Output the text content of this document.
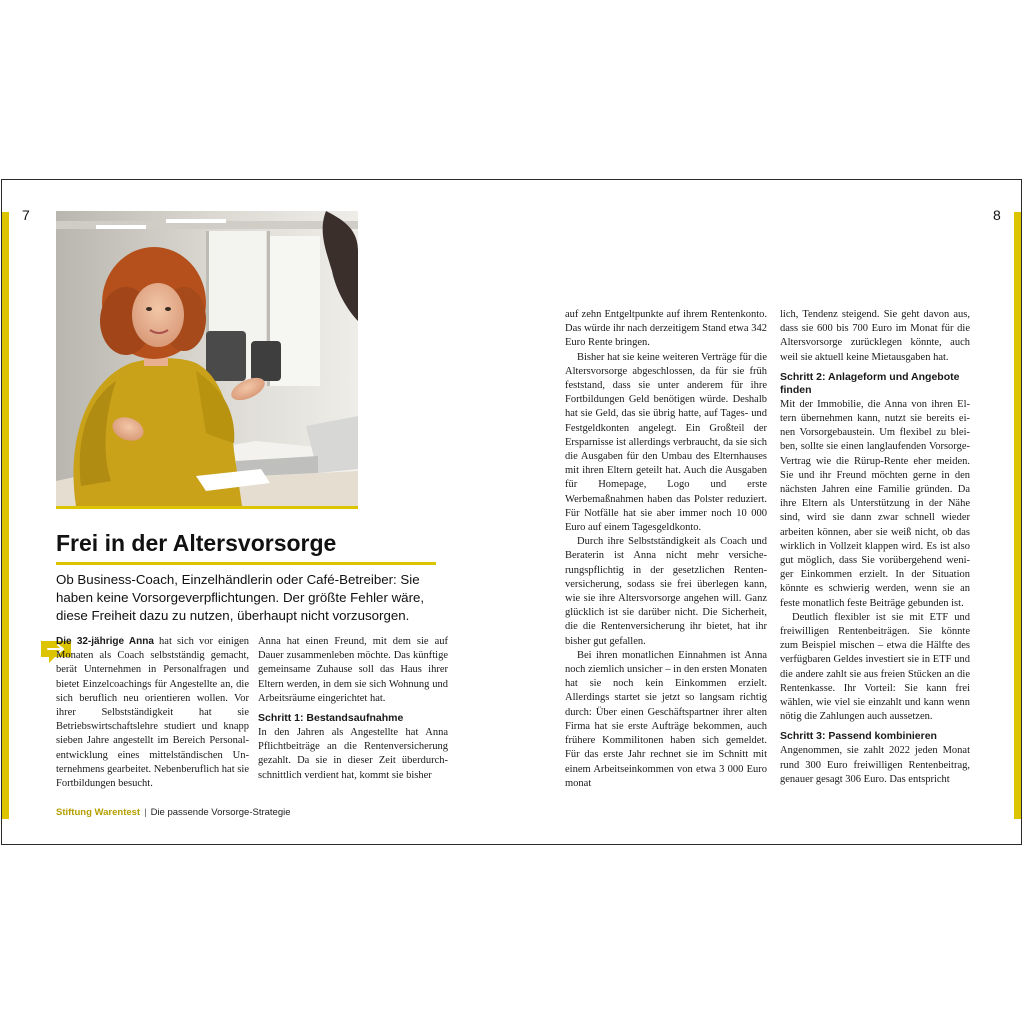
7	8
Frei in der Altersvorsorge

Ob Business-Coach, Einzelhändlerin oder Café-Betreiber: Sie haben keine Vorsorgeverpflichtungen. Der größte Fehler wäre, diese Freiheit dazu zu nutzen, überhaupt nicht vorzusorgen.

Die 32-jährige Anna hat sich vor einigen Monaten als Coach selbstständig gemacht, berät Unternehmen in Personalfragen und bietet Einzelcoachings für Angestellte an, die sich beruflich neu orientieren wollen. Vor ihrer Selbstständigkeit hat sie Betriebswirtschaftslehre studiert und knapp sieben Jahre angestellt im Bereich Personalentwicklung eines mittelständischen Unternehmens gearbeitet. Nebenberuflich hat sie Fortbildungen besucht.

Anna hat einen Freund, mit dem sie auf Dauer zusammenleben möchte. Das künftige gemeinsame Zuhause soll das Haus ihrer Eltern werden, in dem sie sich Wohnung und Arbeitsräume eingerichtet hat.

Schritt 1: Bestandsaufnahme

In den Jahren als Angestellte hat Anna Pflichtbeiträge an die Rentenversicherung gezahlt. Da sie in dieser Zeit überdurchschnittlich verdient hat, kommt sie bisher

auf zehn Entgeltpunkte auf ihrem Rentenkonto. Das würde ihr nach derzeitigem Stand etwa 342 Euro Rente bringen.

Bisher hat sie keine weiteren Verträge für die Altersvorsorge abgeschlossen, da für sie früh feststand, dass sie unter anderem für ihre Fortbildungen Geld benötigen würde. Deshalb hat sie Geld, das sie übrig hatte, auf Tages- und Festgeldkonten angelegt. Ein Großteil der Ersparnisse ist allerdings verbraucht, da sie sich die Ausgaben für den Umbau des Elternhauses mit ihren Eltern geteilt hat. Auch die Ausgaben für Homepage, Logo und erste Werbemaßnahmen haben das Polster reduziert. Für Notfälle hat sie aber immer noch 10 000 Euro auf einem Tagesgeldkonto.

Durch ihre Selbstständigkeit als Coach und Beraterin ist Anna nicht mehr versicherungspflichtig in der gesetzlichen Rentenversicherung, sodass sie frei überlegen kann, wie sie ihre Altersvorsorge angehen will. Ganz glücklich ist sie darüber nicht. Die Sicherheit, die die Rentenversicherung ihr bietet, hat ihr bisher gut gefallen.

Bei ihren monatlichen Einnahmen ist Anna noch ziemlich unsicher – in den ersten Monaten hat sie noch kein Einkommen erzielt. Allerdings startet sie jetzt so langsam richtig durch: Über einen Geschäftspartner ihrer alten Firma hat sie erste Aufträge bekommen, auch frühere Kommilitonen haben sich gemeldet. Für das erste Jahr rechnet sie im Schnitt mit einem Arbeitseinkommen von etwa 3 000 Euro monat

lich, Tendenz steigend. Sie geht davon aus, dass sie 600 bis 700 Euro im Monat für die Altersvorsorge zurücklegen könnte, auch weil sie aktuell keine Mietausgaben hat.

Schritt 2: Anlageform und Angebote finden

Mit der Immobilie, die Anna von ihren Eltern übernehmen kann, nutzt sie bereits einen Vorsorgebaustein. Um flexibel zu bleiben, sollte sie einen langlaufenden Vorsorge-Vertrag wie die Rürup-Rente eher meiden. Sie und ihr Freund möchten gerne in den nächsten Jahren eine Familie gründen. Da ihre Eltern als Unterstützung in der Nähe sind, wird sie dann zwar schnell wieder arbeiten können, aber sie weiß nicht, ob das wirklich in Vollzeit klappen wird. Es ist also gut möglich, dass Sie vorübergehend weniger Einkommen erzielt. In der Situation könnte es schwierig werden, wenn sie an feste monatlich feste Beiträge gebunden ist.

Deutlich flexibler ist sie mit ETF und freiwilligen Rentenbeiträgen. Sie könnte zum Beispiel mischen – etwa die Hälfte des verfügbaren Geldes investiert sie in ETF und die andere zahlt sie aus freien Stücken an die Rentenkasse. Ihr Vorteil: Sie kann frei wählen, wie viel sie einzahlt und kann wenn nötig die Zahlungen auch aussetzen.

Schritt 3: Passend kombinieren

Angenommen, sie zahlt 2022 jeden Monat rund 300 Euro freiwilligen Rentenbeitrag, genauer gesagt 306 Euro. Das entspricht

Stiftung Warentest | Die passende Vorsorge-Strategie
